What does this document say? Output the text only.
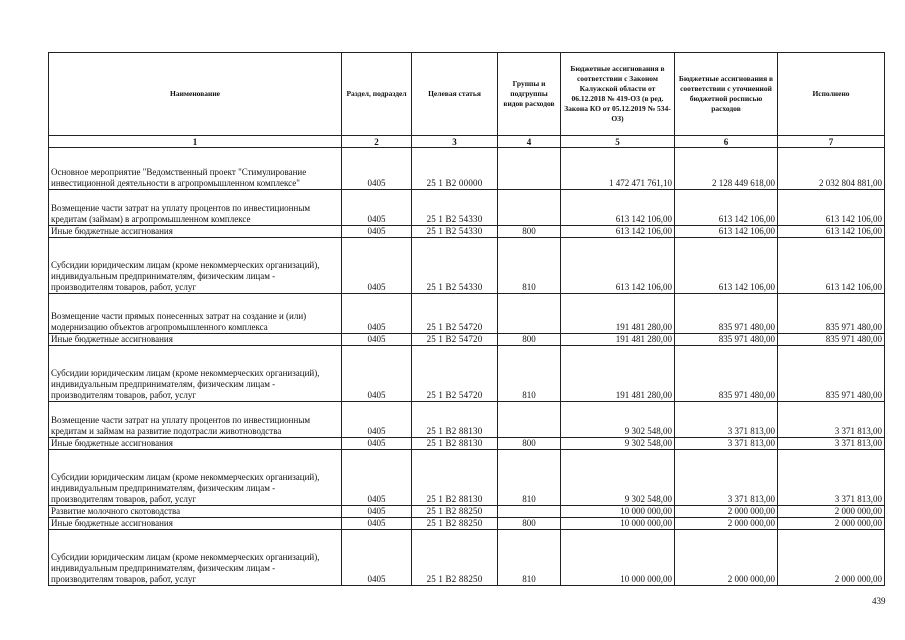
Наименование	Раздел, подраздел	Целевая статья	Группы и подгруппы видов расходов	Бюджетные ассигнования в соответствии с Законом Калужской области от 06.12.2018 № 419-ОЗ (в ред. Закона КО от 05.12.2019 № 534-ОЗ)	Бюджетные ассигнования в соответствии с уточненной бюджетной росписью расходов	Исполнено
1	2	3	4	5	6	7
Основное мероприятие "Ведомственный проект "Стимулирование инвестиционной деятельности в агропромышленном комплексе"	0405	25 1 В2 00000		1 472 471 761,10	2 128 449 618,00	2 032 804 881,00
Возмещение части затрат на уплату процентов по инвестиционным кредитам (займам) в агропромышленном комплексе	0405	25 1 В2 54330		613 142 106,00	613 142 106,00	613 142 106,00
Иные бюджетные ассигнования	0405	25 1 В2 54330	800	613 142 106,00	613 142 106,00	613 142 106,00
Субсидии юридическим лицам (кроме некоммерческих организаций), индивидуальным предпринимателям, физическим лицам - производителям товаров, работ, услуг	0405	25 1 В2 54330	810	613 142 106,00	613 142 106,00	613 142 106,00
Возмещение части прямых понесенных затрат на создание и (или) модернизацию объектов агропромышленного комплекса	0405	25 1 В2 54720		191 481 280,00	835 971 480,00	835 971 480,00
Иные бюджетные ассигнования	0405	25 1 В2 54720	800	191 481 280,00	835 971 480,00	835 971 480,00
Субсидии юридическим лицам (кроме некоммерческих организаций), индивидуальным предпринимателям, физическим лицам - производителям товаров, работ, услуг	0405	25 1 В2 54720	810	191 481 280,00	835 971 480,00	835 971 480,00
Возмещение части затрат на уплату процентов по инвестиционным кредитам и займам на развитие подотрасли животноводства	0405	25 1 В2 88130		9 302 548,00	3 371 813,00	3 371 813,00
Иные бюджетные ассигнования	0405	25 1 В2 88130	800	9 302 548,00	3 371 813,00	3 371 813,00
Субсидии юридическим лицам (кроме некоммерческих организаций), индивидуальным предпринимателям, физическим лицам - производителям товаров, работ, услуг	0405	25 1 В2 88130	810	9 302 548,00	3 371 813,00	3 371 813,00
Развитие молочного скотоводства	0405	25 1 В2 88250		10 000 000,00	2 000 000,00	2 000 000,00
Иные бюджетные ассигнования	0405	25 1 В2 88250	800	10 000 000,00	2 000 000,00	2 000 000,00
Субсидии юридическим лицам (кроме некоммерческих организаций), индивидуальным предпринимателям, физическим лицам - производителям товаров, работ, услуг	0405	25 1 В2 88250	810	10 000 000,00	2 000 000,00	2 000 000,00
439
